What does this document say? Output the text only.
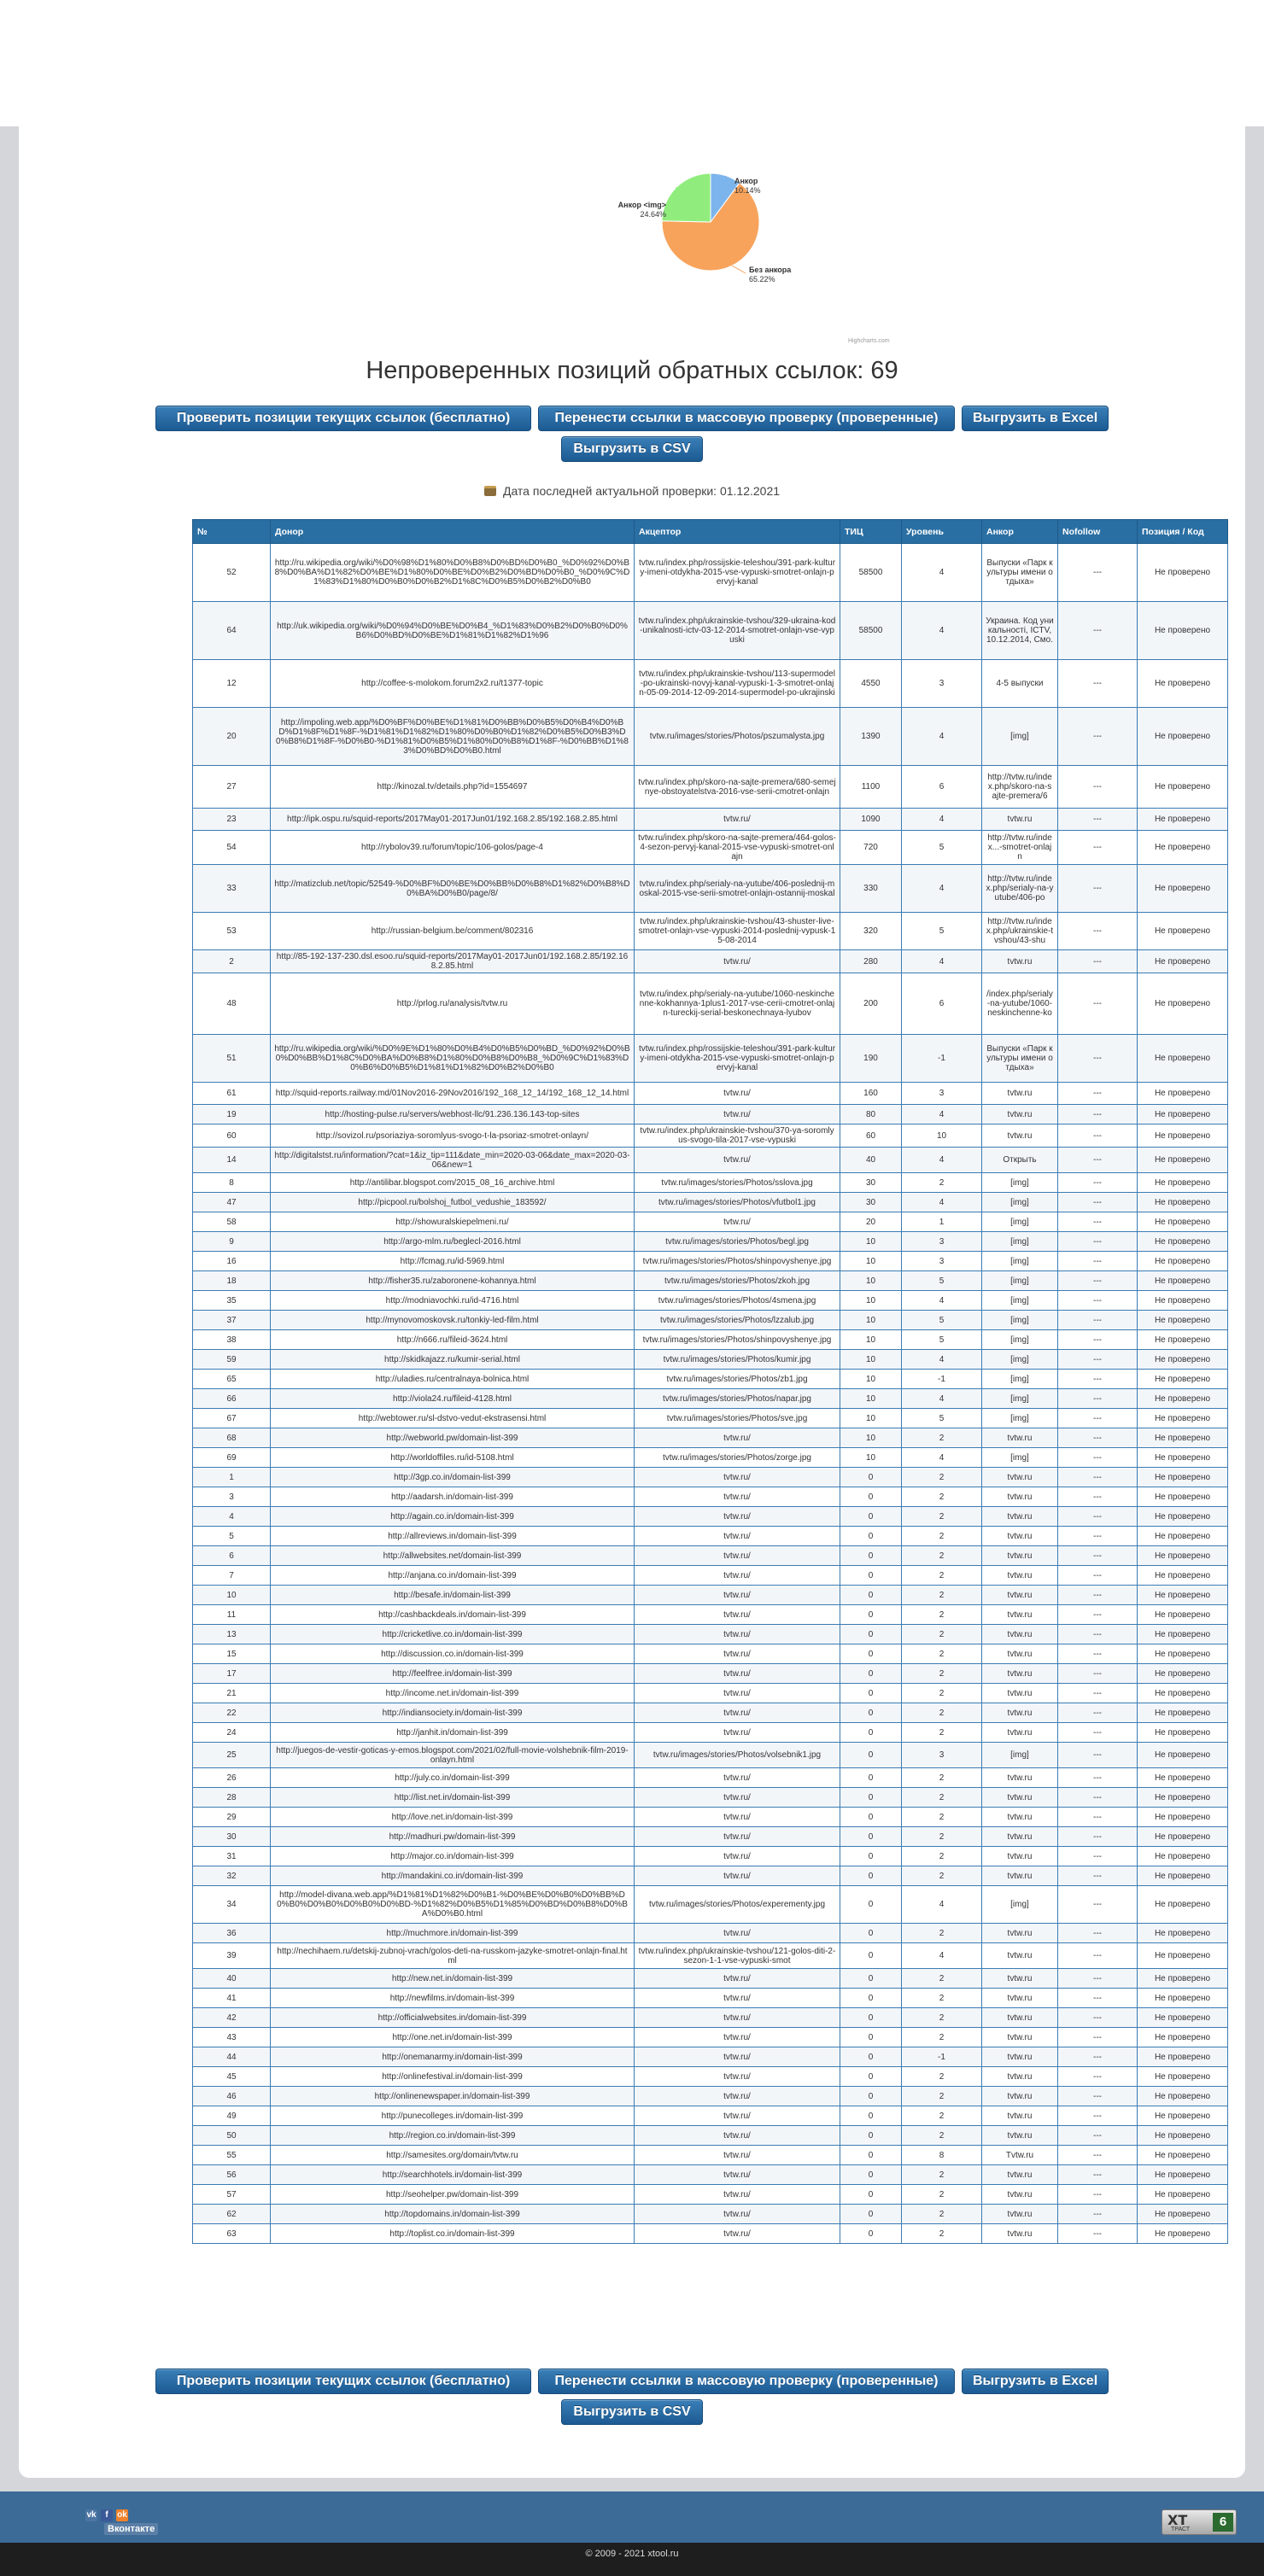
Анкор
10.14%
Без анкора
65.22%
Анкор <img>
24.64%
Highcharts.com
Непроверенных позиций обратных ссылок: 69
Проверить позиции текущих ссылок (бесплатно)	Перенести ссылки в массовую проверку (проверенные)	Выгрузить в Excel
Выгрузить в CSV
Дата последней актуальной проверки: 01.12.2021
№	Донор	Акцептор	ТИЦ	Уровень	Анкор	Nofollow	Позиция / Код
52	http://ru.wikipedia.org/wiki/%D0%98%D1%80%D0%B8%D0%BD%D0%B0_%D0%92%D0%B8%D0%BA%D1%82%D0%BE%D1%80%D0%BE%D0%B2%D0%BD%D0%B0_%D0%9C%D1%83%D1%80%D0%B0%D0%B2%D1%8C%D0%B5%D0%B2%D0%B0	tvtw.ru/index.php/rossijskie-teleshou/391-park-kultury-imeni-otdykha-2015-vse-vypuski-smotret-onlajn-pervyj-kanal	58500	4	Выпуски «Парк культуры имени отдыха»	---	Не проверено
64	http://uk.wikipedia.org/wiki/%D0%94%D0%BE%D0%B4_%D1%83%D0%B2%D0%B0%D0%B6%D0%BD%D0%BE%D1%81%D1%82%D1%96	tvtw.ru/index.php/ukrainskie-tvshou/329-ukraina-kod-unikalnosti-ictv-03-12-2014-smotret-onlajn-vse-vypuski	58500	4	Украина. Код уникальності, ICTV, 10.12.2014, Смо.	---	Не проверено
12	http://coffee-s-molokom.forum2x2.ru/t1377-topic	tvtw.ru/index.php/ukrainskie-tvshou/113-supermodel-po-ukrainski-novyj-kanal-vypuski-1-3-smotret-onlajn-05-09-2014-12-09-2014-supermodel-po-ukrajinski	4550	3	4-5 выпуски	---	Не проверено
20	http://impoling.web.app/%D0%BF%D0%BE%D1%81%D0%BB%D0%B5%D0%B4%D0%BD%D1%8F%D1%8F-%D1%81%D1%82%D1%80%D0%B0%D1%82%D0%B5%D0%B3%D0%B8%D1%8F-%D0%B0-%D1%81%D0%B5%D1%80%D0%B8%D1%8F-%D0%BB%D1%83%D0%BD%D0%B0.html	tvtw.ru/images/stories/Photos/pszumalysta.jpg	1390	4	[img]	---	Не проверено
27	http://kinozal.tv/details.php?id=1554697	tvtw.ru/index.php/skoro-na-sajte-premera/680-semejnye-obstoyatelstva-2016-vse-serii-cmotret-onlajn	1100	6	http://tvtw.ru/index.php/skoro-na-sajte-premera/6	---	Не проверено
23	http://ipk.ospu.ru/squid-reports/2017May01-2017Jun01/192.168.2.85/192.168.2.85.html	tvtw.ru/	1090	4	tvtw.ru	---	Не проверено
54	http://rybolov39.ru/forum/topic/106-golos/page-4	tvtw.ru/index.php/skoro-na-sajte-premera/464-golos-4-sezon-pervyj-kanal-2015-vse-vypuski-smotret-onlajn	720	5	http://tvtw.ru/index...-smotret-onlajn	---	Не проверено
33	http://matizclub.net/topic/52549-%D0%BF%D0%BE%D0%BB%D0%B8%D1%82%D0%B8%D0%BA%D0%B0/page/8/	tvtw.ru/index.php/serialy-na-yutube/406-poslednij-moskal-2015-vse-serii-smotret-onlajn-ostannij-moskal	330	4	http://tvtw.ru/index.php/serialy-na-yutube/406-po	---	Не проверено
53	http://russian-belgium.be/comment/802316	tvtw.ru/index.php/ukrainskie-tvshou/43-shuster-live-smotret-onlajn-vse-vypuski-2014-poslednij-vypusk-15-08-2014	320	5	http://tvtw.ru/index.php/ukrainskie-tvshou/43-shu	---	Не проверено
2	http://85-192-137-230.dsl.esoo.ru/squid-reports/2017May01-2017Jun01/192.168.2.85/192.168.2.85.html	tvtw.ru/	280	4	tvtw.ru	---	Не проверено
48	http://prlog.ru/analysis/tvtw.ru	tvtw.ru/index.php/serialy-na-yutube/1060-neskinchenne-kokhannya-1plus1-2017-vse-cerii-cmotret-onlajn-tureckij-serial-beskonechnaya-lyubov	200	6	/index.php/serialy-na-yutube/1060-neskinchenne-ko	---	Не проверено
51	http://ru.wikipedia.org/wiki/%D0%9E%D1%80%D0%B4%D0%B5%D0%BD_%D0%92%D0%B0%D0%BB%D1%8C%D0%BA%D0%B8%D1%80%D0%B8%D0%B8_%D0%9C%D1%83%D0%B6%D0%B5%D1%81%D1%82%D0%B2%D0%B0	tvtw.ru/index.php/rossijskie-teleshou/391-park-kultury-imeni-otdykha-2015-vse-vypuski-smotret-onlajn-pervyj-kanal	190	-1	Выпуски «Парк культуры имени отдыха»	---	Не проверено
61	http://squid-reports.railway.md/01Nov2016-29Nov2016/192_168_12_14/192_168_12_14.html	tvtw.ru/	160	3	tvtw.ru	---	Не проверено
19	http://hosting-pulse.ru/servers/webhost-llc/91.236.136.143-top-sites	tvtw.ru/	80	4	tvtw.ru	---	Не проверено
60	http://sovizol.ru/psoriaziya-soromlyus-svogo-t-la-psoriaz-smotret-onlayn/	tvtw.ru/index.php/ukrainskie-tvshou/370-ya-soromlyus-svogo-tila-2017-vse-vypuski	60	10	tvtw.ru	---	Не проверено
14	http://digitalstst.ru/information/?cat=1&iz_tip=111&date_min=2020-03-06&date_max=2020-03-06&new=1	tvtw.ru/	40	4	Открыть	---	Не проверено
8	http://antilibar.blogspot.com/2015_08_16_archive.html	tvtw.ru/images/stories/Photos/sslova.jpg	30	2	[img]	---	Не проверено
47	http://picpool.ru/bolshoj_futbol_vedushie_183592/	tvtw.ru/images/stories/Photos/vfutbol1.jpg	30	4	[img]	---	Не проверено
58	http://showuralskiepelmeni.ru/	tvtw.ru/	20	1	[img]	---	Не проверено
9	http://argo-mlm.ru/beglecl-2016.html	tvtw.ru/images/stories/Photos/begl.jpg	10	3	[img]	---	Не проверено
16	http://fcmag.ru/id-5969.html	tvtw.ru/images/stories/Photos/shinpovyshenye.jpg	10	3	[img]	---	Не проверено
18	http://fisher35.ru/zaboronene-kohannya.html	tvtw.ru/images/stories/Photos/zkoh.jpg	10	5	[img]	---	Не проверено
35	http://modniavochki.ru/id-4716.html	tvtw.ru/images/stories/Photos/4smena.jpg	10	4	[img]	---	Не проверено
37	http://mynovomoskovsk.ru/tonkiy-led-film.html	tvtw.ru/images/stories/Photos/lzzalub.jpg	10	5	[img]	---	Не проверено
38	http://n666.ru/fileid-3624.html	tvtw.ru/images/stories/Photos/shinpovyshenye.jpg	10	5	[img]	---	Не проверено
59	http://skidkajazz.ru/kumir-serial.html	tvtw.ru/images/stories/Photos/kumir.jpg	10	4	[img]	---	Не проверено
65	http://uladies.ru/centralnaya-bolnica.html	tvtw.ru/images/stories/Photos/zb1.jpg	10	-1	[img]	---	Не проверено
66	http://viola24.ru/fileid-4128.html	tvtw.ru/images/stories/Photos/napar.jpg	10	4	[img]	---	Не проверено
67	http://webtower.ru/sl-dstvo-vedut-ekstrasensi.html	tvtw.ru/images/stories/Photos/sve.jpg	10	5	[img]	---	Не проверено
68	http://webworld.pw/domain-list-399	tvtw.ru/	10	2	tvtw.ru	---	Не проверено
69	http://worldoffiles.ru/id-5108.html	tvtw.ru/images/stories/Photos/zorge.jpg	10	4	[img]	---	Не проверено
1	http://3gp.co.in/domain-list-399	tvtw.ru/	0	2	tvtw.ru	---	Не проверено
3	http://aadarsh.in/domain-list-399	tvtw.ru/	0	2	tvtw.ru	---	Не проверено
4	http://again.co.in/domain-list-399	tvtw.ru/	0	2	tvtw.ru	---	Не проверено
5	http://allreviews.in/domain-list-399	tvtw.ru/	0	2	tvtw.ru	---	Не проверено
6	http://allwebsites.net/domain-list-399	tvtw.ru/	0	2	tvtw.ru	---	Не проверено
7	http://anjana.co.in/domain-list-399	tvtw.ru/	0	2	tvtw.ru	---	Не проверено
10	http://besafe.in/domain-list-399	tvtw.ru/	0	2	tvtw.ru	---	Не проверено
11	http://cashbackdeals.in/domain-list-399	tvtw.ru/	0	2	tvtw.ru	---	Не проверено
13	http://cricketlive.co.in/domain-list-399	tvtw.ru/	0	2	tvtw.ru	---	Не проверено
15	http://discussion.co.in/domain-list-399	tvtw.ru/	0	2	tvtw.ru	---	Не проверено
17	http://feelfree.in/domain-list-399	tvtw.ru/	0	2	tvtw.ru	---	Не проверено
21	http://income.net.in/domain-list-399	tvtw.ru/	0	2	tvtw.ru	---	Не проверено
22	http://indiansociety.in/domain-list-399	tvtw.ru/	0	2	tvtw.ru	---	Не проверено
24	http://janhit.in/domain-list-399	tvtw.ru/	0	2	tvtw.ru	---	Не проверено
25	http://juegos-de-vestir-goticas-y-emos.blogspot.com/2021/02/full-movie-volshebnik-film-2019-onlayn.html	tvtw.ru/images/stories/Photos/volsebnik1.jpg	0	3	[img]	---	Не проверено
26	http://july.co.in/domain-list-399	tvtw.ru/	0	2	tvtw.ru	---	Не проверено
28	http://list.net.in/domain-list-399	tvtw.ru/	0	2	tvtw.ru	---	Не проверено
29	http://love.net.in/domain-list-399	tvtw.ru/	0	2	tvtw.ru	---	Не проверено
30	http://madhuri.pw/domain-list-399	tvtw.ru/	0	2	tvtw.ru	---	Не проверено
31	http://major.co.in/domain-list-399	tvtw.ru/	0	2	tvtw.ru	---	Не проверено
32	http://mandakini.co.in/domain-list-399	tvtw.ru/	0	2	tvtw.ru	---	Не проверено
34	http://model-divana.web.app/%D1%81%D1%82%D0%B1-%D0%BE%D0%B0%D0%BB%D0%B0%D0%B0%D0%B0%D0%BD-%D1%82%D0%B5%D1%85%D0%BD%D0%B8%D0%BA%D0%B0.html	tvtw.ru/images/stories/Photos/experementy.jpg	0	4	[img]	---	Не проверено
36	http://muchmore.in/domain-list-399	tvtw.ru/	0	2	tvtw.ru	---	Не проверено
39	http://nechihaem.ru/detskij-zubnoj-vrach/golos-deti-na-russkom-jazyke-smotret-onlajn-final.html	tvtw.ru/index.php/ukrainskie-tvshou/121-golos-diti-2-sezon-1-1-vse-vypuski-smot	0	4	tvtw.ru	---	Не проверено
40	http://new.net.in/domain-list-399	tvtw.ru/	0	2	tvtw.ru	---	Не проверено
41	http://newfilms.in/domain-list-399	tvtw.ru/	0	2	tvtw.ru	---	Не проверено
42	http://officialwebsites.in/domain-list-399	tvtw.ru/	0	2	tvtw.ru	---	Не проверено
43	http://one.net.in/domain-list-399	tvtw.ru/	0	2	tvtw.ru	---	Не проверено
44	http://onemanarmy.in/domain-list-399	tvtw.ru/	0	-1	tvtw.ru	---	Не проверено
45	http://onlinefestival.in/domain-list-399	tvtw.ru/	0	2	tvtw.ru	---	Не проверено
46	http://onlinenewspaper.in/domain-list-399	tvtw.ru/	0	2	tvtw.ru	---	Не проверено
49	http://punecolleges.in/domain-list-399	tvtw.ru/	0	2	tvtw.ru	---	Не проверено
50	http://region.co.in/domain-list-399	tvtw.ru/	0	2	tvtw.ru	---	Не проверено
55	http://samesites.org/domain/tvtw.ru	tvtw.ru/	0	8	Tvtw.ru	---	Не проверено
56	http://searchhotels.in/domain-list-399	tvtw.ru/	0	2	tvtw.ru	---	Не проверено
57	http://seohelper.pw/domain-list-399	tvtw.ru/	0	2	tvtw.ru	---	Не проверено
62	http://topdomains.in/domain-list-399	tvtw.ru/	0	2	tvtw.ru	---	Не проверено
63	http://toplist.co.in/domain-list-399	tvtw.ru/	0	2	tvtw.ru	---	Не проверено
Проверить позиции текущих ссылок (бесплатно)	Перенести ссылки в массовую проверку (проверенные)	Выгрузить в Excel
Выгрузить в CSV
vk f ok
Вконтакте
XT
ТРАСТ
6
© 2009 - 2021 xtool.ru
